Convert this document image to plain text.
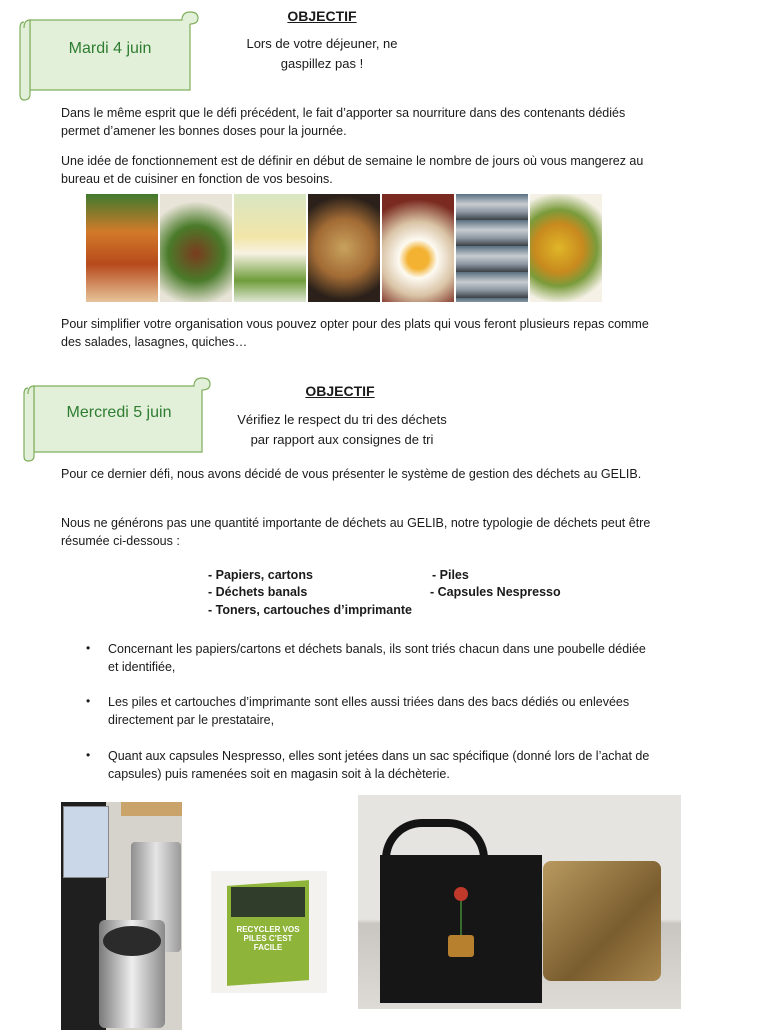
Mardi 4 juin
OBJECTIF
Lors de votre déjeuner, ne
gaspillez pas !
Dans le même esprit que le défi précédent, le fait d’apporter sa nourriture dans des contenants dédiés permet d’amener les bonnes doses pour la journée.
Une idée de fonctionnement est de définir en début de semaine le nombre de jours où vous mangerez au bureau et de cuisiner en fonction de vos besoins.
Pour simplifier votre organisation vous pouvez opter pour des plats qui vous feront plusieurs repas comme des salades, lasagnes, quiches…
Mercredi 5 juin
OBJECTIF
Vérifiez le respect du tri des déchets
par rapport aux consignes de tri
Pour ce dernier défi, nous avons décidé de vous présenter le système de gestion des déchets au GELIB.
Nous ne générons pas une quantité importante de déchets au GELIB, notre typologie de déchets peut être résumée ci-dessous :
- Papiers, cartons
- Déchets banals
- Toners, cartouches d’imprimante
- Piles
- Capsules Nespresso
• Concernant les papiers/cartons et déchets banals, ils sont triés chacun dans une poubelle dédiée et identifiée,
• Les piles et cartouches d’imprimante sont elles aussi triées dans des bacs dédiés ou enlevées directement par le prestataire,
• Quant aux capsules Nespresso, elles sont jetées dans un sac spécifique (donné lors de l’achat de capsules) puis ramenées soit en magasin soit à la déchèterie.
RECYCLER VOS PILES C’EST FACILE
